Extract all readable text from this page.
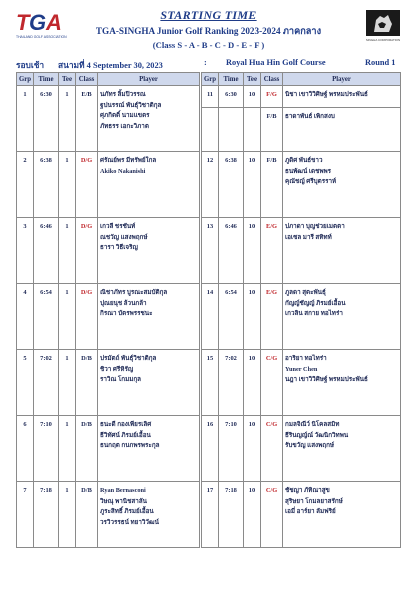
T G A
THAILAND GOLF ASSOCIATION
SINGHA CORPORATION
STARTING TIME
TGA-SINGHA Junior Golf Ranking 2023-2024 ภาคกลาง
(Class S - A - B - C - D - E - F )
รอบเช้า สนามที่ 4 September 30, 2023	: Royal Hua Hin Golf Course	Round 1
Grp	Time	Tee	Class	Player
1	6:30	1	E/B	นภัทร ลิ้มปิวรรณ
ฐปนรรณ์ พันธุ์วิชาติกุล
ศุภกิตติ์ นามแขตร
ภัทธรร เอกะวิภาต

2	6:38	1	D/G	ศรัณย์พร มีทรัพย์ใกล
Akiko Nakanishi

3	6:46	1	D/G	เกวลี ชรชันท์
ณชวัญ แสงพฤกษ์
ธารา วิธีเจริญ

4	6:54	1	D/G	ณิชาภัทร บูรณะสมบัติกุล
ปุณยนุช ล้วนกล้า
กิรณา บัตรพรรชนะ

5	7:02	1	D/B	ปรมัตถ์ พันธุ์วิชาติกุล
ชิวา ศรีหิรัญ
ราวิณ โกมมกุล

6	7:10	1	D/B	ธนะดี กองเพียรเลิศ
ธีวิทัศน์ ภิรมย์เอื้อน
ธนกฤต กนกพรพระกุล

7	7:18	1	D/B	Ryan Bernasconi
วิษณุ พานิชสาลัน
ภูระสิทธิ์ ภิรมย์เอื้อน
วรวิวรรธน์ ทยาวิวัฒน์
Grp	Time	Tee	Class	Player
11	6:30	10	F/G	นิชา เขาวิวิศิษฐ์ พรหมประพันธ์

			F/B	ธาดาพันธ์ เพิกสงบ

12	6:38	10	F/B	ภูดิศ พันธ์ขาว
ธนพัฒน์ เดชพพร
คุณัชญ์ ศรีบุตรราห์

13	6:46	10	E/G	ปภาดา บุญช่วยเมตตา
เอเซล มารี สทิทท์

14	6:54	10	E/G	ภูลดา สุตะพันธุ์
กัญญ์ชัญญ์ ภิรมย์เอื้อน
เกวลิน สกาย ทอไทร่า

15	7:02	10	C/G	อาริยา ทอไทร่า
Yuner Chen
นฎา เขาวิวิศิษฐ์ พรหมประพันธ์

16	7:10	10	C/G	กมลจิณีว์ นิโคลสมิท
ธีรินญญ์ณ์ วัฒนิกวิทพน
รับขวัญ แสงพฤกษ์

17	7:18	10	C/G	ชัชญา ภัทิณาสูข
สุริษยา โกมลยาสรักษ์
เอมี่ อาร์ยา ลัมฟริย์
